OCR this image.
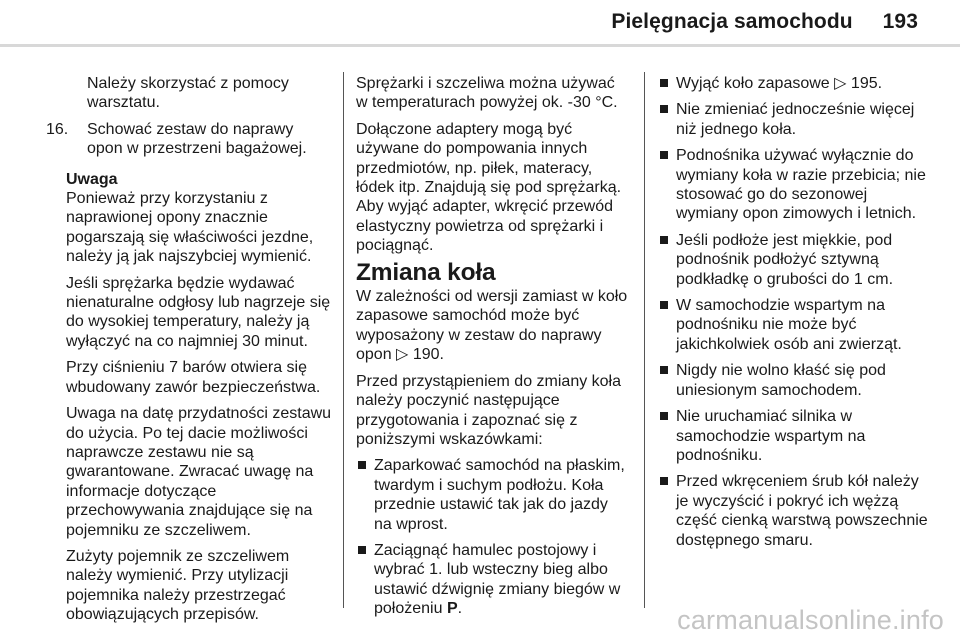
Pielęgnacja samochodu 193

Należy skorzystać z pomocy warsztatu.

16. Schować zestaw do naprawy opon w przestrzeni bagażowej.

Uwaga
Ponieważ przy korzystaniu z naprawionej opony znacznie pogarszają się właściwości jezdne, należy ją jak najszybciej wymienić.

Jeśli sprężarka będzie wydawać nienaturalne odgłosy lub nagrzeje się do wysokiej temperatury, należy ją wyłączyć na co najmniej 30 minut.

Przy ciśnieniu 7 barów otwiera się wbudowany zawór bezpieczeństwa.

Uwaga na datę przydatności zestawu do użycia. Po tej dacie możliwości naprawcze zestawu nie są gwarantowane. Zwracać uwagę na informacje dotyczące przechowywania znajdujące się na pojemniku ze szczeliwem.

Zużyty pojemnik ze szczeliwem należy wymienić. Przy utylizacji pojemnika należy przestrzegać obowiązujących przepisów.

Sprężarki i szczeliwa można używać w temperaturach powyżej ok. -30 °C.

Dołączone adaptery mogą być używane do pompowania innych przedmiotów, np. piłek, materacy, łódek itp. Znajdują się pod sprężarką. Aby wyjąć adapter, wkręcić przewód elastyczny powietrza od sprężarki i pociągnąć.

Zmiana koła

W zależności od wersji zamiast w koło zapasowe samochód może być wyposażony w zestaw do naprawy opon ▷ 190.

Przed przystąpieniem do zmiany koła należy poczynić następujące przygotowania i zapoznać się z poniższymi wskazówkami:

Zaparkować samochód na płaskim, twardym i suchym podłożu. Koła przednie ustawić tak jak do jazdy na wprost.
Zaciągnąć hamulec postojowy i wybrać 1. lub wsteczny bieg albo ustawić dźwignię zmiany biegów w położeniu P.
Wyjąć koło zapasowe ▷ 195.
Nie zmieniać jednocześnie więcej niż jednego koła.
Podnośnika używać wyłącznie do wymiany koła w razie przebicia; nie stosować go do sezonowej wymiany opon zimowych i letnich.
Jeśli podłoże jest miękkie, pod podnośnik podłożyć sztywną podkładkę o grubości do 1 cm.
W samochodzie wspartym na podnośniku nie może być jakichkolwiek osób ani zwierząt.
Nigdy nie wolno kłaść się pod uniesionym samochodem.
Nie uruchamiać silnika w samochodzie wspartym na podnośniku.
Przed wkręceniem śrub kół należy je wyczyścić i pokryć ich wężzą część cienką warstwą powszechnie dostępnego smaru.
carmanualsonline.info
